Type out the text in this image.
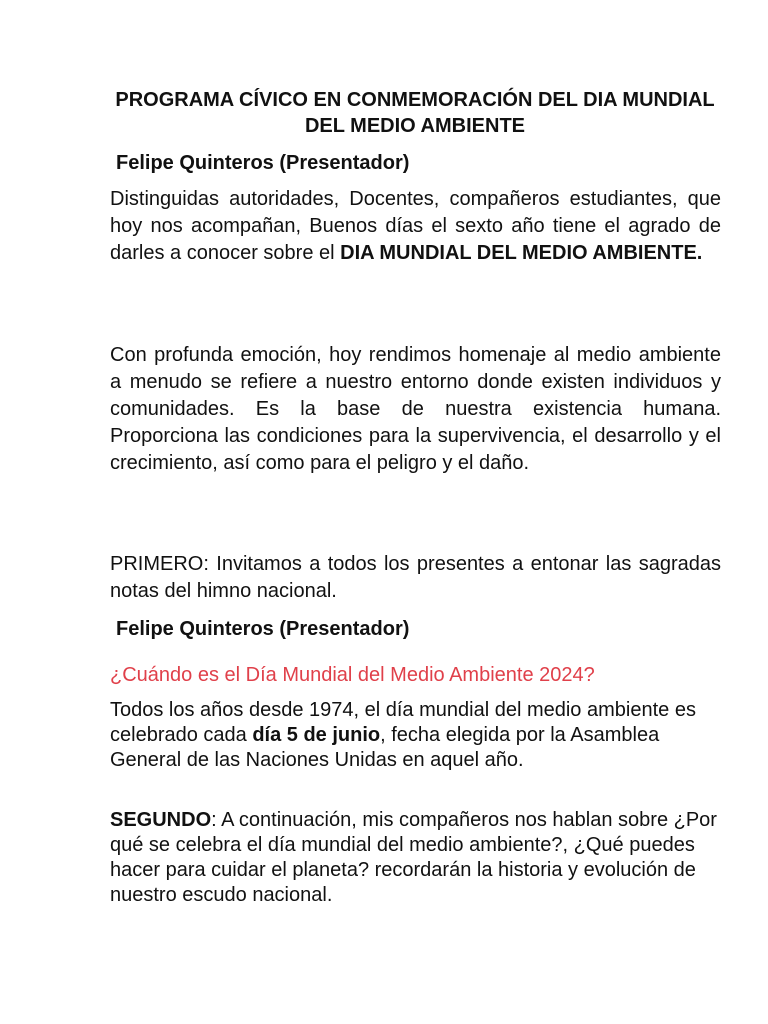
PROGRAMA CÍVICO EN CONMEMORACIÓN DEL DIA MUNDIAL DEL MEDIO AMBIENTE
Felipe Quinteros (Presentador)

Distinguidas autoridades, Docentes, compañeros estudiantes, que hoy nos acompañan, Buenos días el sexto año tiene el agrado de darles a conocer sobre el DIA MUNDIAL DEL MEDIO AMBIENTE.

Con profunda emoción, hoy rendimos homenaje al medio ambiente a menudo se refiere a nuestro entorno donde existen individuos y comunidades. Es la base de nuestra existencia humana. Proporciona las condiciones para la supervivencia, el desarrollo y el crecimiento, así como para el peligro y el daño.

PRIMERO: Invitamos a todos los presentes a entonar las sagradas notas del himno nacional.

Felipe Quinteros (Presentador)
¿Cuándo es el Día Mundial del Medio Ambiente 2024?

Todos los años desde 1974, el día mundial del medio ambiente es celebrado cada día 5 de junio, fecha elegida por la Asamblea General de las Naciones Unidas en aquel año.

SEGUNDO: A continuación, mis compañeros nos hablan sobre ¿Por qué se celebra el día mundial del medio ambiente?, ¿Qué puedes hacer para cuidar el planeta? recordarán la historia y evolución de nuestro escudo nacional.
